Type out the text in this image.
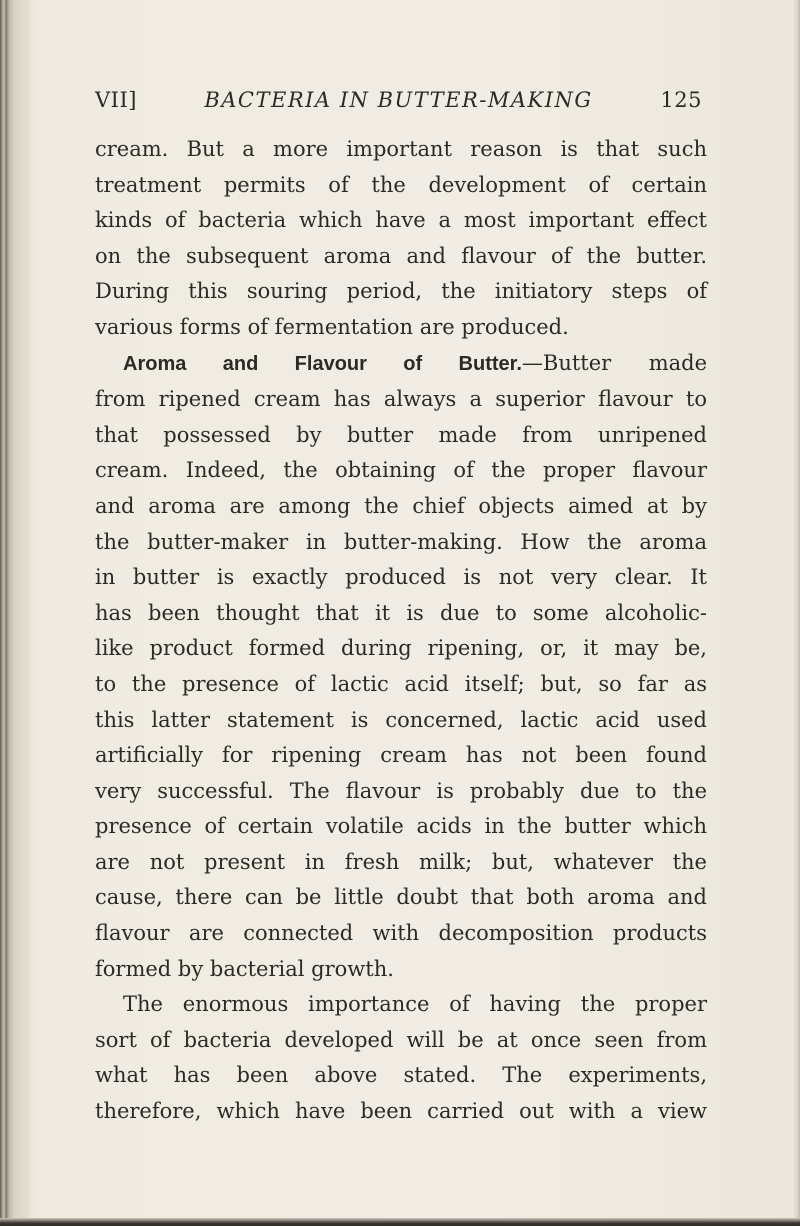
VII]	BACTERIA IN BUTTER-MAKING	125
cream. But a more important reason is that such
treatment permits of the development of certain
kinds of bacteria which have a most important effect
on the subsequent aroma and flavour of the butter.
During this souring period, the initiatory steps of
various forms of fermentation are produced.
Aroma and Flavour of Butter.—Butter made
from ripened cream has always a superior flavour to
that possessed by butter made from unripened
cream. Indeed, the obtaining of the proper flavour
and aroma are among the chief objects aimed at by
the butter-maker in butter-making. How the aroma
in butter is exactly produced is not very clear. It
has been thought that it is due to some alcoholic-
like product formed during ripening, or, it may be,
to the presence of lactic acid itself; but, so far as
this latter statement is concerned, lactic acid used
artificially for ripening cream has not been found
very successful. The flavour is probably due to the
presence of certain volatile acids in the butter which
are not present in fresh milk; but, whatever the
cause, there can be little doubt that both aroma and
flavour are connected with decomposition products
formed by bacterial growth.
The enormous importance of having the proper
sort of bacteria developed will be at once seen from
what has been above stated. The experiments,
therefore, which have been carried out with a view
